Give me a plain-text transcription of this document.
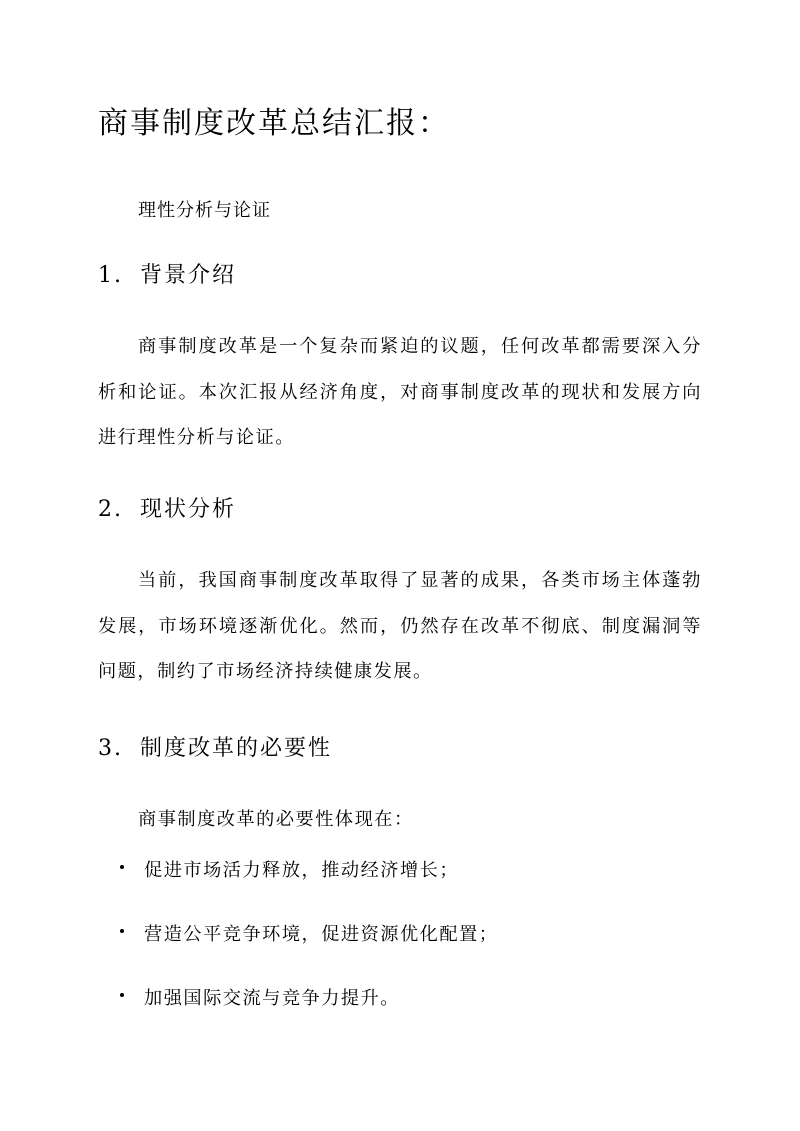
商事制度改革总结汇报：

理性分析与论证

1. 背景介绍

商事制度改革是一个复杂而紧迫的议题，任何改革都需要深入分析和论证。本次汇报从经济角度，对商事制度改革的现状和发展方向进行理性分析与论证。

2. 现状分析

当前，我国商事制度改革取得了显著的成果，各类市场主体蓬勃发展，市场环境逐渐优化。然而，仍然存在改革不彻底、制度漏洞等问题，制约了市场经济持续健康发展。

3. 制度改革的必要性

商事制度改革的必要性体现在：

促进市场活力释放，推动经济增长；
营造公平竞争环境，促进资源优化配置；
加强国际交流与竞争力提升。
